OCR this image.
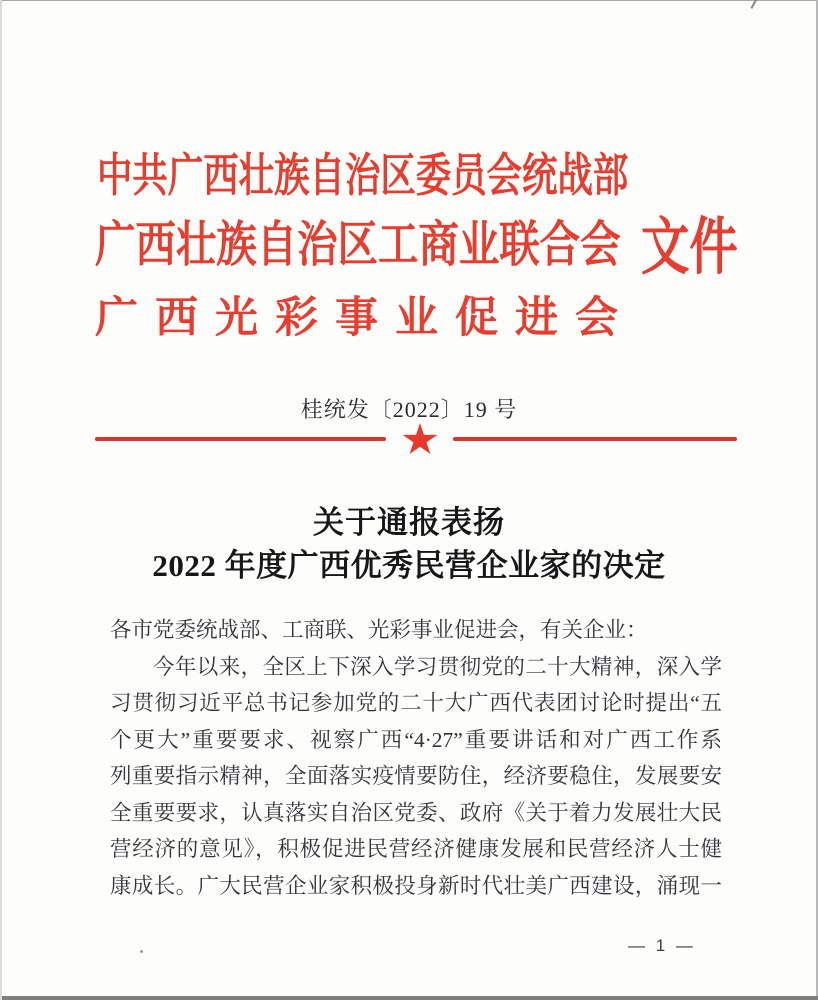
中共广西壮族自治区委员会统战部
广西壮族自治区工商业联合会 文件
广西光彩事业促进会
桂统发〔2022〕19 号
关于通报表扬
2022 年度广西优秀民营企业家的决定
各市党委统战部、工商联、光彩事业促进会，有关企业：
今年以来，全区上下深入学习贯彻党的二十大精神，深入学
习贯彻习近平总书记参加党的二十大广西代表团讨论时提出“五
个更大”重要要求、视察广西“4·27”重要讲话和对广西工作系
列重要指示精神，全面落实疫情要防住，经济要稳住，发展要安
全重要要求，认真落实自治区党委、政府《关于着力发展壮大民
营经济的意见》，积极促进民营经济健康发展和民营经济人士健
康成长。广大民营企业家积极投身新时代壮美广西建设，涌现一
— 1 —
